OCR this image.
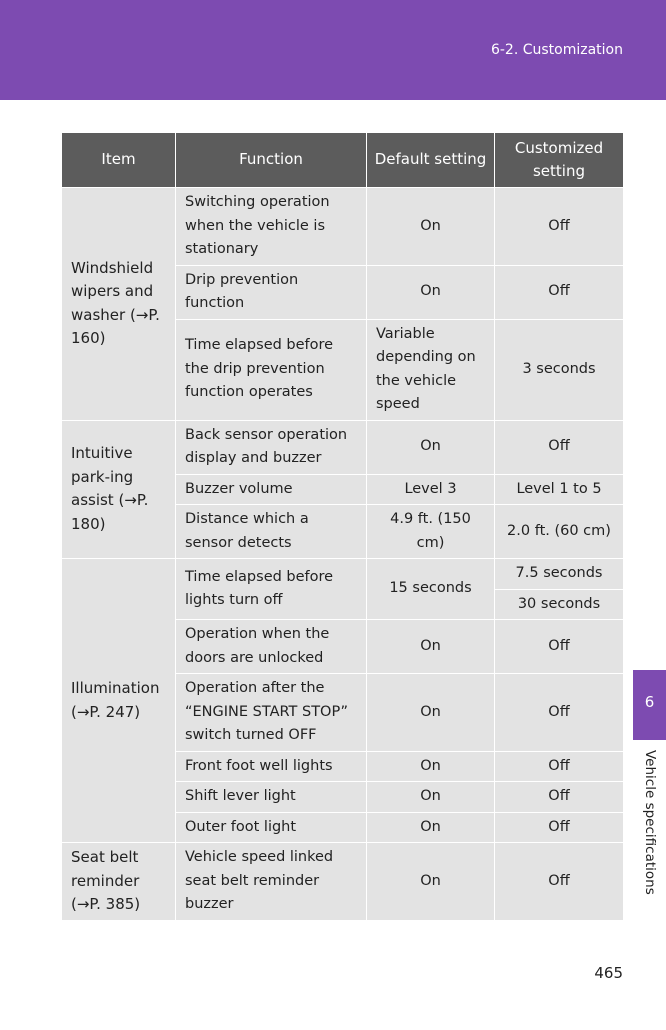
6-2. Customization
Item	Function	Default setting	Customized setting
Windshield wipers and washer (→P. 160)	Switching operation when the vehicle is stationary	On	Off
	Drip prevention function	On	Off
	Time elapsed before the drip prevention function operates	Variable depending on the vehicle speed	3 seconds
Intuitive park-ing assist (→P. 180)	Back sensor operation display and buzzer	On	Off
	Buzzer volume	Level 3	Level 1 to 5
	Distance which a sensor detects	4.9 ft. (150 cm)	2.0 ft. (60 cm)
Illumination (→P. 247)	Time elapsed before lights turn off	15 seconds	7.5 seconds
			30 seconds
	Operation when the doors are unlocked	On	Off
	Operation after the “ENGINE START STOP” switch turned OFF	On	Off
	Front foot well lights	On	Off
	Shift lever light	On	Off
	Outer foot light	On	Off
Seat belt reminder (→P. 385)	Vehicle speed linked seat belt reminder buzzer	On	Off
6
Vehicle specifications
465
